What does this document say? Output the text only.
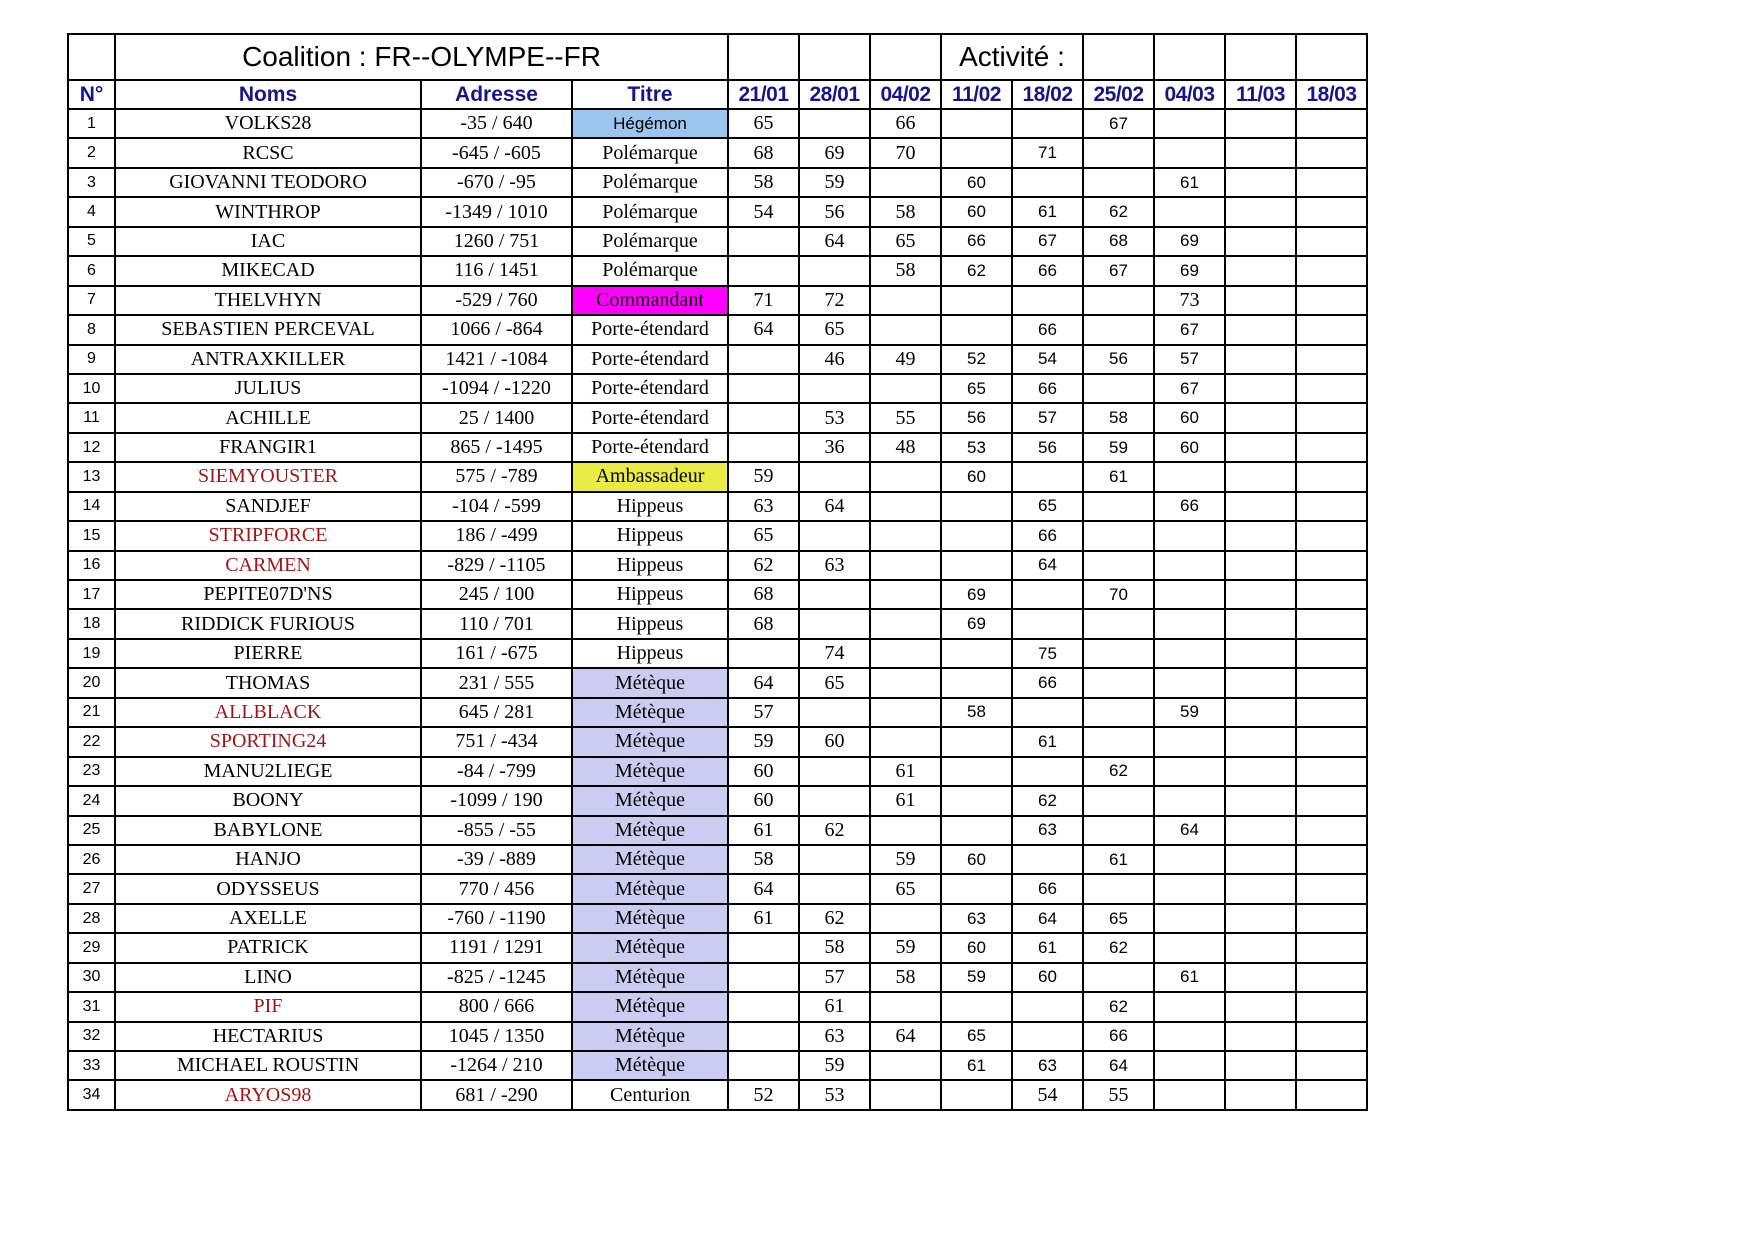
	Coalition : FR--OLYMPE--FR						Activité :					
N°	Noms	Adresse	Titre	21/01	28/01	04/02	11/02	18/02	25/02	04/03	11/03	18/03
1	VOLKS28	-35 / 640	Hégémon	65		66			67			
2	RCSC	-645 / -605	Polémarque	68	69	70		71				
3	GIOVANNI TEODORO	-670 / -95	Polémarque	58	59		60			61		
4	WINTHROP	-1349 / 1010	Polémarque	54	56	58	60	61	62			
5	IAC	1260 / 751	Polémarque		64	65	66	67	68	69		
6	MIKECAD	116 / 1451	Polémarque			58	62	66	67	69		
7	THELVHYN	-529 / 760	Commandant	71	72					73		
8	SEBASTIEN PERCEVAL	1066 / -864	Porte-étendard	64	65			66		67		
9	ANTRAXKILLER	1421 / -1084	Porte-étendard		46	49	52	54	56	57		
10	JULIUS	-1094 / -1220	Porte-étendard				65	66		67		
11	ACHILLE	25 / 1400	Porte-étendard		53	55	56	57	58	60		
12	FRANGIR1	865 / -1495	Porte-étendard		36	48	53	56	59	60		
13	SIEMYOUSTER	575 / -789	Ambassadeur	59			60		61			
14	SANDJEF	-104 / -599	Hippeus	63	64			65		66		
15	STRIPFORCE	186 / -499	Hippeus	65				66				
16	CARMEN	-829 / -1105	Hippeus	62	63			64				
17	PEPITE07D'NS	245 / 100	Hippeus	68			69		70			
18	RIDDICK FURIOUS	110 / 701	Hippeus	68			69					
19	PIERRE	161 / -675	Hippeus		74			75				
20	THOMAS	231 / 555	Métèque	64	65			66				
21	ALLBLACK	645 / 281	Métèque	57			58			59		
22	SPORTING24	751 / -434	Métèque	59	60			61				
23	MANU2LIEGE	-84 / -799	Métèque	60		61			62			
24	BOONY	-1099 / 190	Métèque	60		61		62				
25	BABYLONE	-855 / -55	Métèque	61	62			63		64		
26	HANJO	-39 / -889	Métèque	58		59	60		61			
27	ODYSSEUS	770 / 456	Métèque	64		65		66				
28	AXELLE	-760 / -1190	Métèque	61	62		63	64	65			
29	PATRICK	1191 / 1291	Métèque		58	59	60	61	62			
30	LINO	-825 / -1245	Métèque		57	58	59	60		61		
31	PIF	800 / 666	Métèque		61				62			
32	HECTARIUS	1045 / 1350	Métèque		63	64	65		66			
33	MICHAEL ROUSTIN	-1264 / 210	Métèque		59		61	63	64			
34	ARYOS98	681 / -290	Centurion	52	53			54	55			
